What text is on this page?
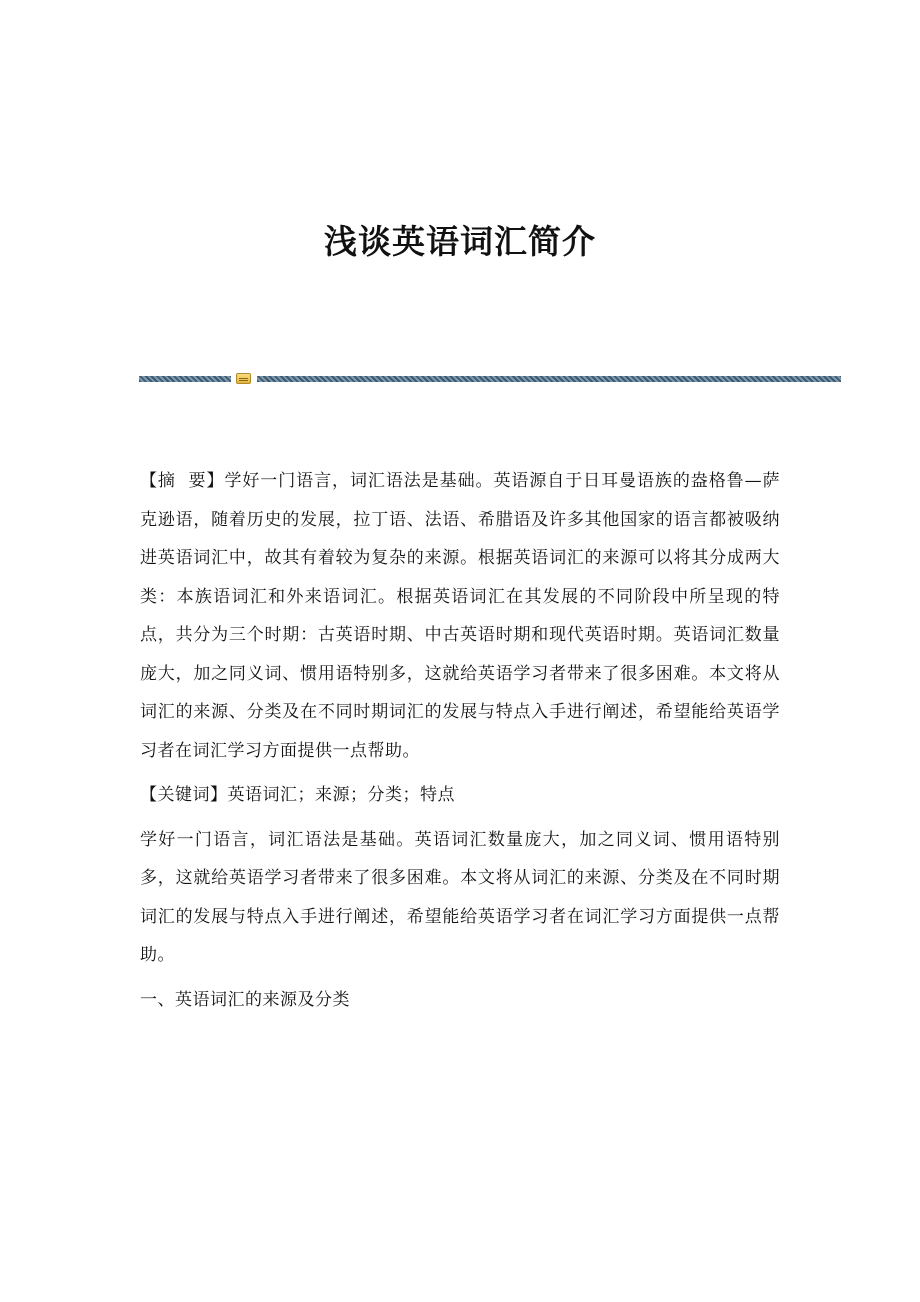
浅谈英语词汇简介

【摘  要】学好一门语言，词汇语法是基础。英语源自于日耳曼语族的盎格鲁—萨克逊语，随着历史的发展，拉丁语、法语、希腊语及许多其他国家的语言都被吸纳进英语词汇中，故其有着较为复杂的来源。根据英语词汇的来源可以将其分成两大类：本族语词汇和外来语词汇。根据英语词汇在其发展的不同阶段中所呈现的特点，共分为三个时期：古英语时期、中古英语时期和现代英语时期。英语词汇数量庞大，加之同义词、惯用语特别多，这就给英语学习者带来了很多困难。本文将从词汇的来源、分类及在不同时期词汇的发展与特点入手进行阐述，希望能给英语学习者在词汇学习方面提供一点帮助。

【关键词】英语词汇；来源；分类；特点

学好一门语言，词汇语法是基础。英语词汇数量庞大，加之同义词、惯用语特别多，这就给英语学习者带来了很多困难。本文将从词汇的来源、分类及在不同时期词汇的发展与特点入手进行阐述，希望能给英语学习者在词汇学习方面提供一点帮助。

一、英语词汇的来源及分类
